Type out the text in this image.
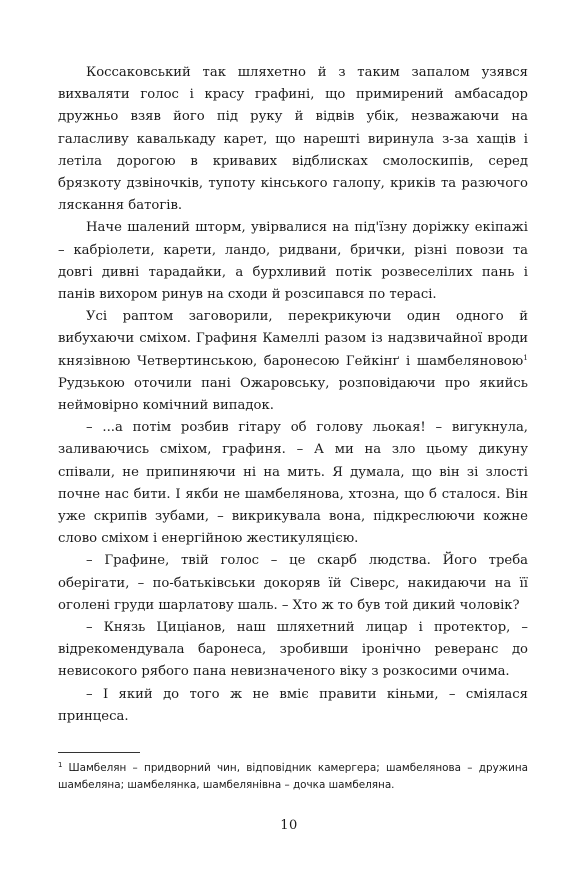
Коссаковський так шляхетно й з таким запалом узявся вихваляти голос і красу графині, що примирений амбасадор дружньо взяв його під руку й відвів убік, незважаючи на галасливу кавалькаду карет, що нарешті виринула з-за хащів і летіла дорогою в кривавих відблисках смолоскипів, серед брязкоту дзвіночків, тупоту кінського галопу, криків та разючого ляскання батогів.

Наче шалений шторм, увірвалися на під'їзну доріжку екіпажі – кабріолети, карети, ландо, ридвани, брички, різні повози та довгі дивні тарадайки, а бурхливий потік розвеселілих пань і панів вихором ринув на сходи й розсипався по терасі.

Усі раптом заговорили, перекрикуючи один одного й вибухаючи сміхом. Графиня Камеллі разом із надзвичайної вроди князівною Четвертинською, баронесою Гейкінґ і шамбеляновою$^1$ Рудзькою оточили пані Ожаровську, розповідаючи про якийсь неймовірно комічний випадок.

– ...а потім розбив гітару об голову льокая! – вигукнула, заливаючись сміхом, графиня. – А ми на зло цьому дикуну співали, не припиняючи ні на мить. Я думала, що він зі злості почне нас бити. І якби не шамбелянова, хтозна, що б сталося. Він уже скрипів зубами, – викрикувала вона, підкреслюючи кожне слово сміхом і енергійною жестикуляцією.

– Графине, твій голос – це скарб людства. Його треба оберігати, – по-батьківськи докоряв їй Сіверс, накидаючи на її оголені груди шарлатову шаль. – Хто ж то був той дикий чоловік?

– Князь Циціанов, наш шляхетний лицар і протектор, – відрекомендувала баронеса, зробивши іронічно реверанс до невисокого рябого пана невизначеного віку з розкосими очима.

– І який до того ж не вміє правити кіньми, – сміялася принцеса.

$^1$ Шамбелян – придворний чин, відповідник камергера; шамбелянова – дружина шамбеляна; шамбелянка, шамбелянівна – дочка шамбеляна.
10
